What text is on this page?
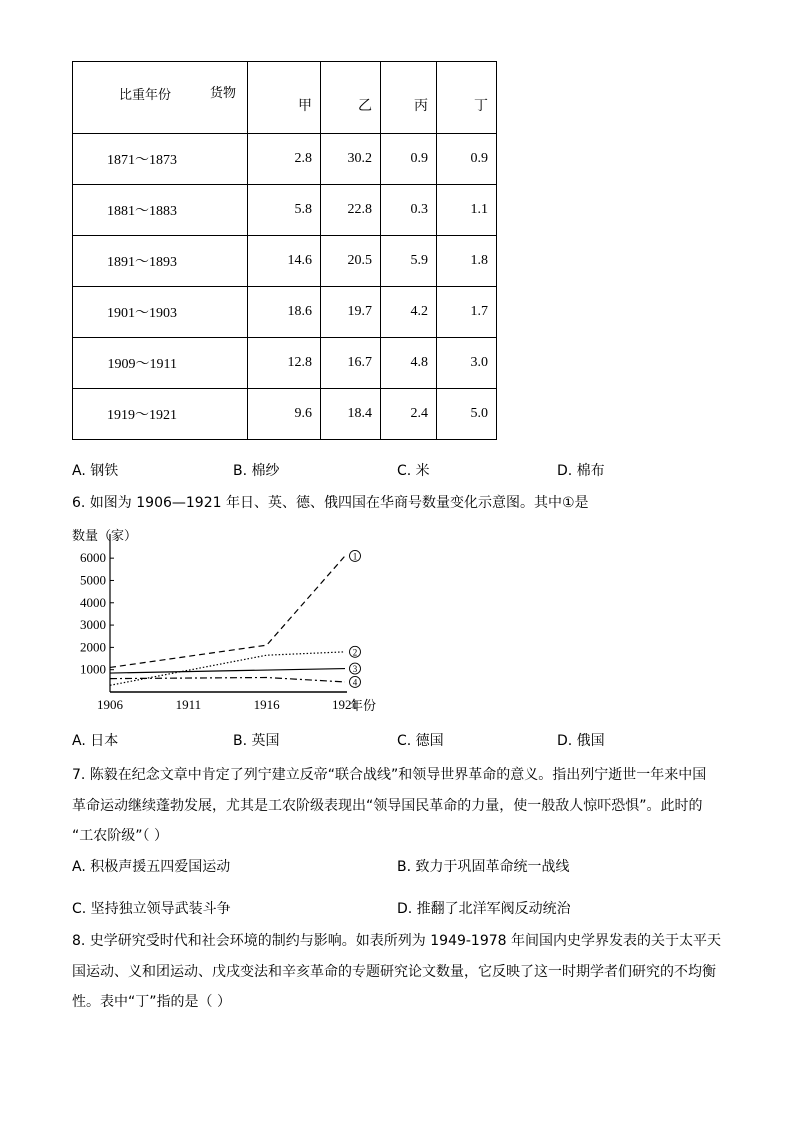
比重年份 货物	甲	乙	丙	丁
1871～1873	2.8	30.2	0.9	0.9
1881～1883	5.8	22.8	0.3	1.1
1891～1893	14.6	20.5	5.9	1.8
1901～1903	18.6	19.7	4.2	1.7
1909～1911	12.8	16.7	4.8	3.0
1919～1921	9.6	18.4	2.4	5.0
A. 钢铁	B. 棉纱	C. 米	D. 棉布
6. 如图为 1906—1921 年日、英、德、俄四国在华商号数量变化示意图。其中①是
1000
2000
3000
4000
5000
6000
1906	1911	1916	1921
数量（家）
年份
1
2
3
4
A. 日本	B. 英国	C. 德国	D. 俄国
7. 陈毅在纪念文章中肯定了列宁建立反帝“联合战线”和领导世界革命的意义。指出列宁逝世一年来中国
革命运动继续蓬勃发展，尤其是工农阶级表现出“领导国民革命的力量，使一般敌人惊吓恐惧”。此时的
“工农阶级”（ ）
A. 积极声援五四爱国运动	B. 致力于巩固革命统一战线
C. 坚持独立领导武装斗争	D. 推翻了北洋军阀反动统治
8. 史学研究受时代和社会环境的制约与影响。如表所列为 1949-1978 年间国内史学界发表的关于太平天
国运动、义和团运动、戊戌变法和辛亥革命的专题研究论文数量，它反映了这一时期学者们研究的不均衡
性。表中“丁”指的是（ ）
